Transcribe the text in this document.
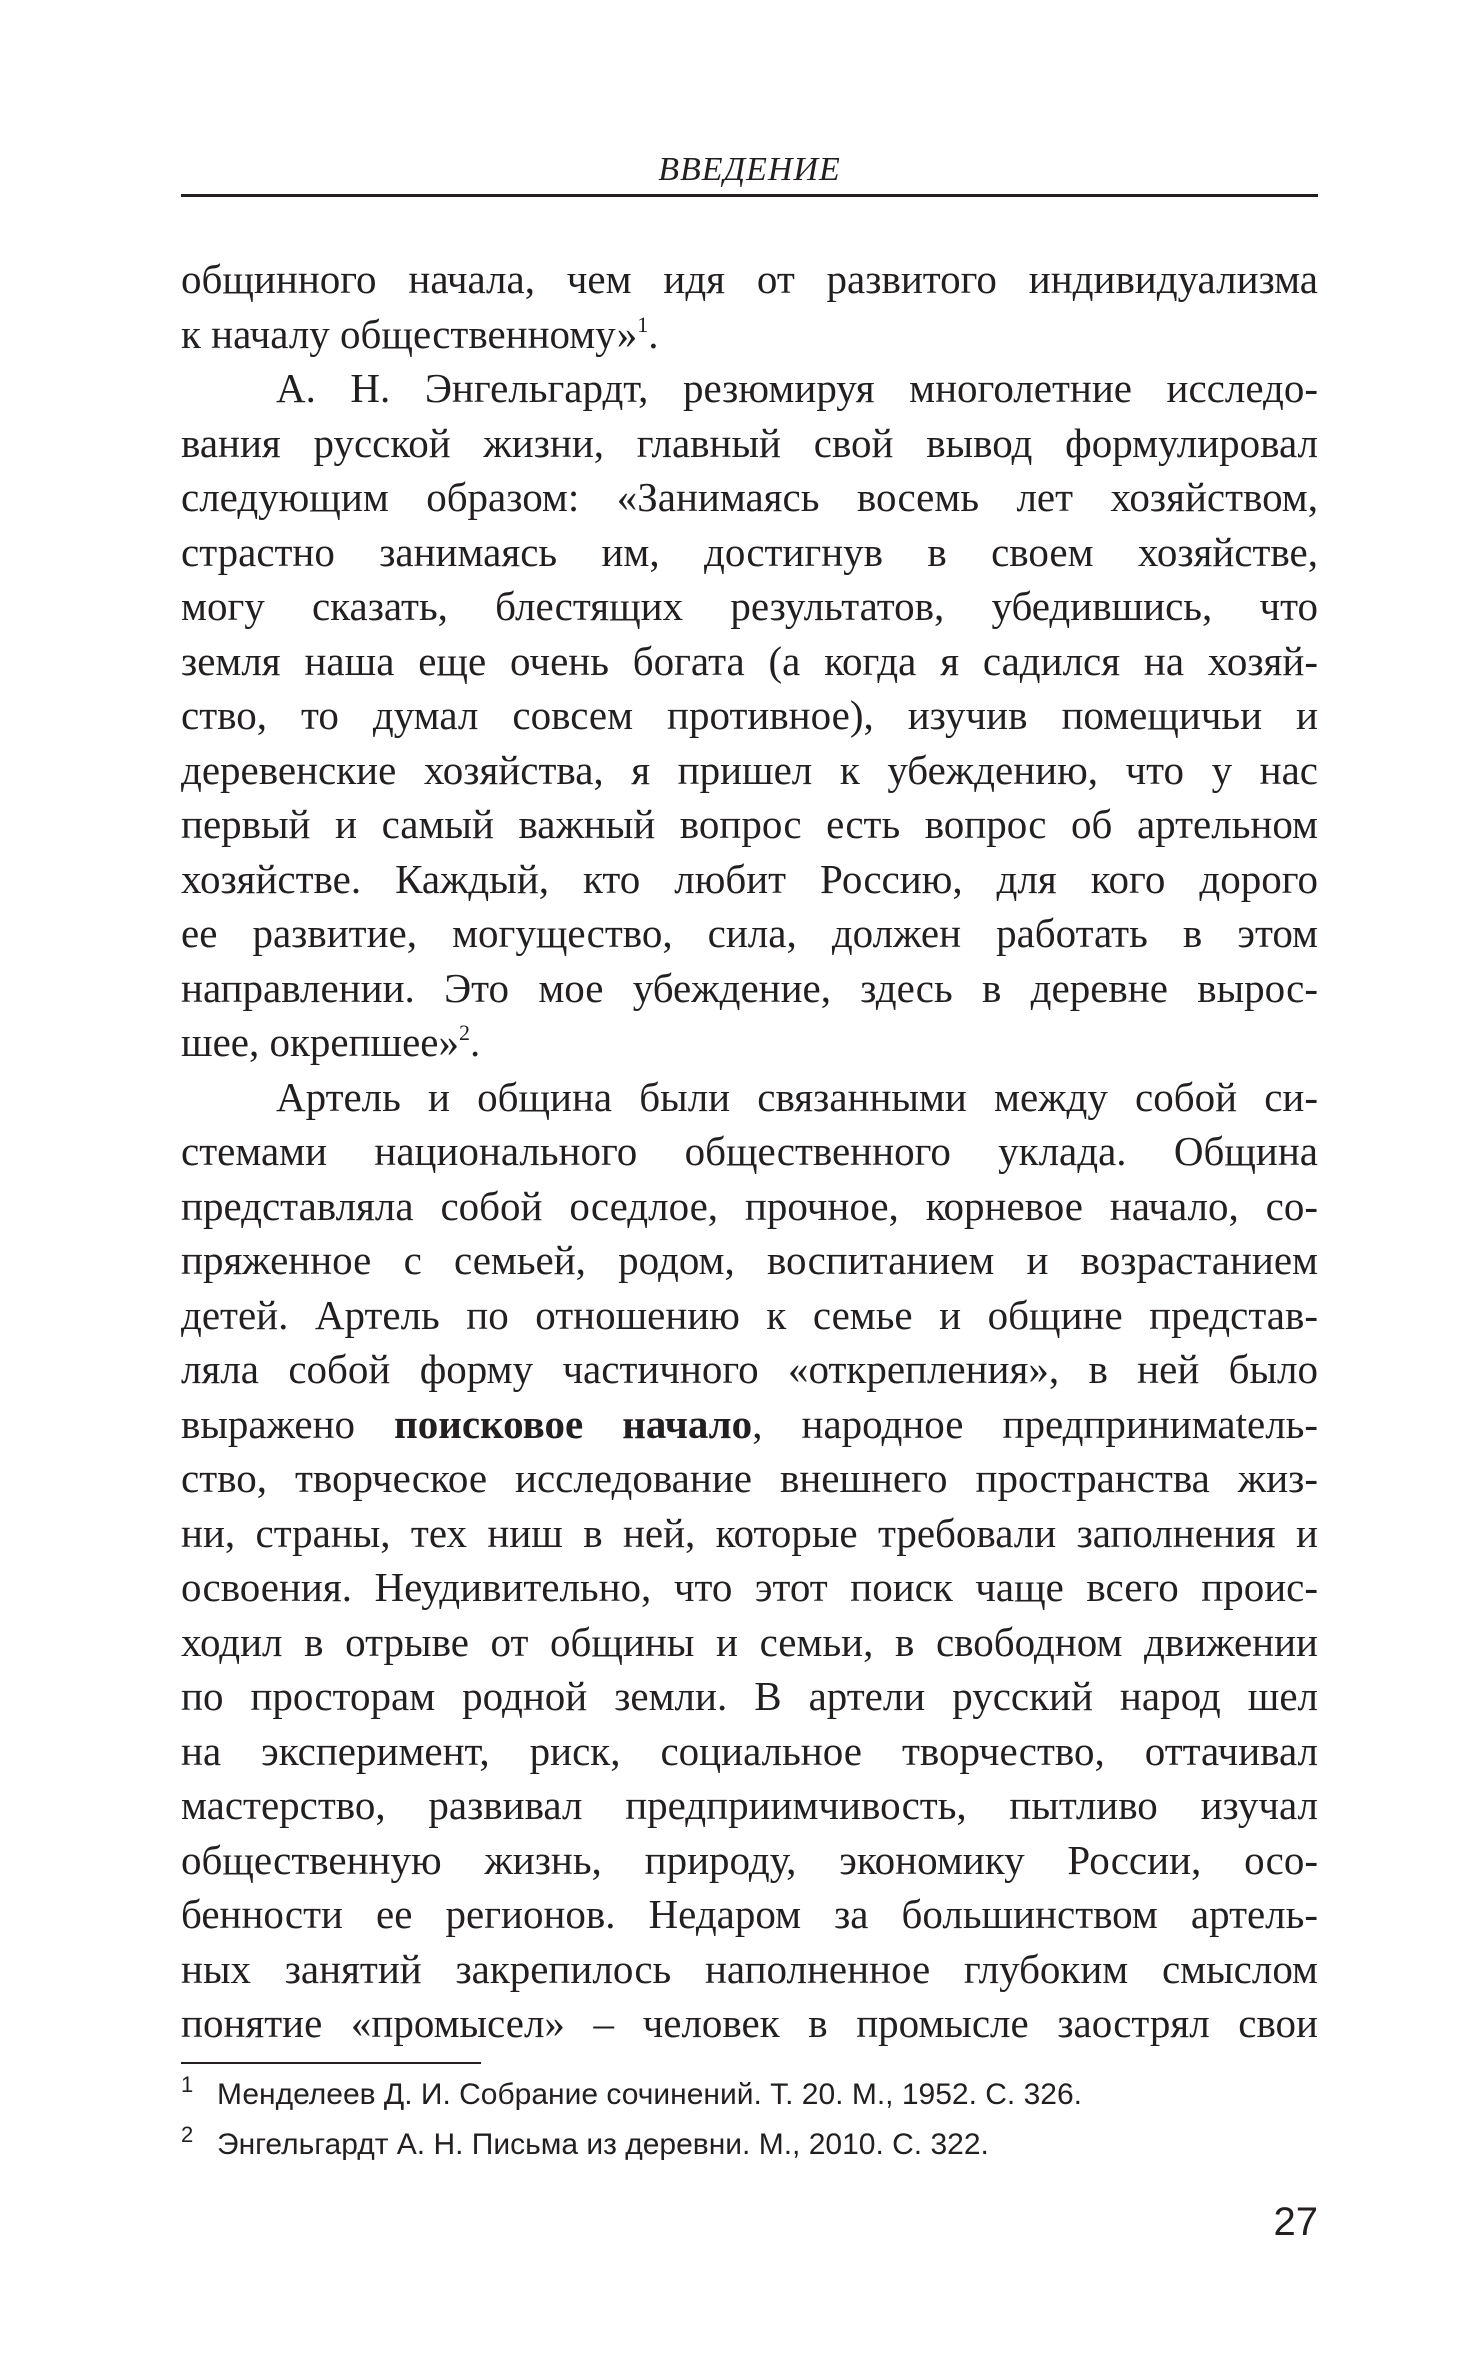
ВВЕДЕНИЕ
общинного начала, чем идя от развитого индивидуализма
к началу общественному»$^1$.
А. Н. Энгельгардт, резюмируя многолетние исследо-
вания русской жизни, главный свой вывод формулировал
следующим образом: «Занимаясь восемь лет хозяйством,
страстно занимаясь им, достигнув в своем хозяйстве,
могу сказать, блестящих результатов, убедившись, что
земля наша еще очень богата (а когда я садился на хозяй-
ство, то думал совсем противное), изучив помещичьи и
деревенские хозяйства, я пришел к убеждению, что у нас
первый и самый важный вопрос есть вопрос об артельном
хозяйстве. Каждый, кто любит Россию, для кого дорого
ее развитие, могущество, сила, должен работать в этом
направлении. Это мое убеждение, здесь в деревне вырос-
шее, окрепшее»$^2$.
Артель и община были связанными между собой си-
стемами национального общественного уклада. Община
представляла собой оседлое, прочное, корневое начало, со-
пряженное с семьей, родом, воспитанием и возрастанием
детей. Артель по отношению к семье и общине представ-
ляла собой форму частичного «открепления», в ней было
выражено поисковое начало, народное предпринимаtель-
ство, творческое исследование внешнего пространства жиз-
ни, страны, тех ниш в ней, которые требовали заполнения и
освоения. Неудивительно, что этот поиск чаще всего проис-
ходил в отрыве от общины и семьи, в свободном движении
по просторам родной земли. В артели русский народ шел
на эксперимент, риск, социальное творчество, оттачивал
мастерство, развивал предприимчивость, пытливо изучал
общественную жизнь, природу, экономику России, осо-
бенности ее регионов. Недаром за большинством артель-
ных занятий закрепилось наполненное глубоким смыслом
понятие «промысел» – человек в промысле заострял свои
1 Менделеев Д. И. Собрание сочинений. Т. 20. М., 1952. С. 326.
2 Энгельгардт А. Н. Письма из деревни. М., 2010. С. 322.
27
